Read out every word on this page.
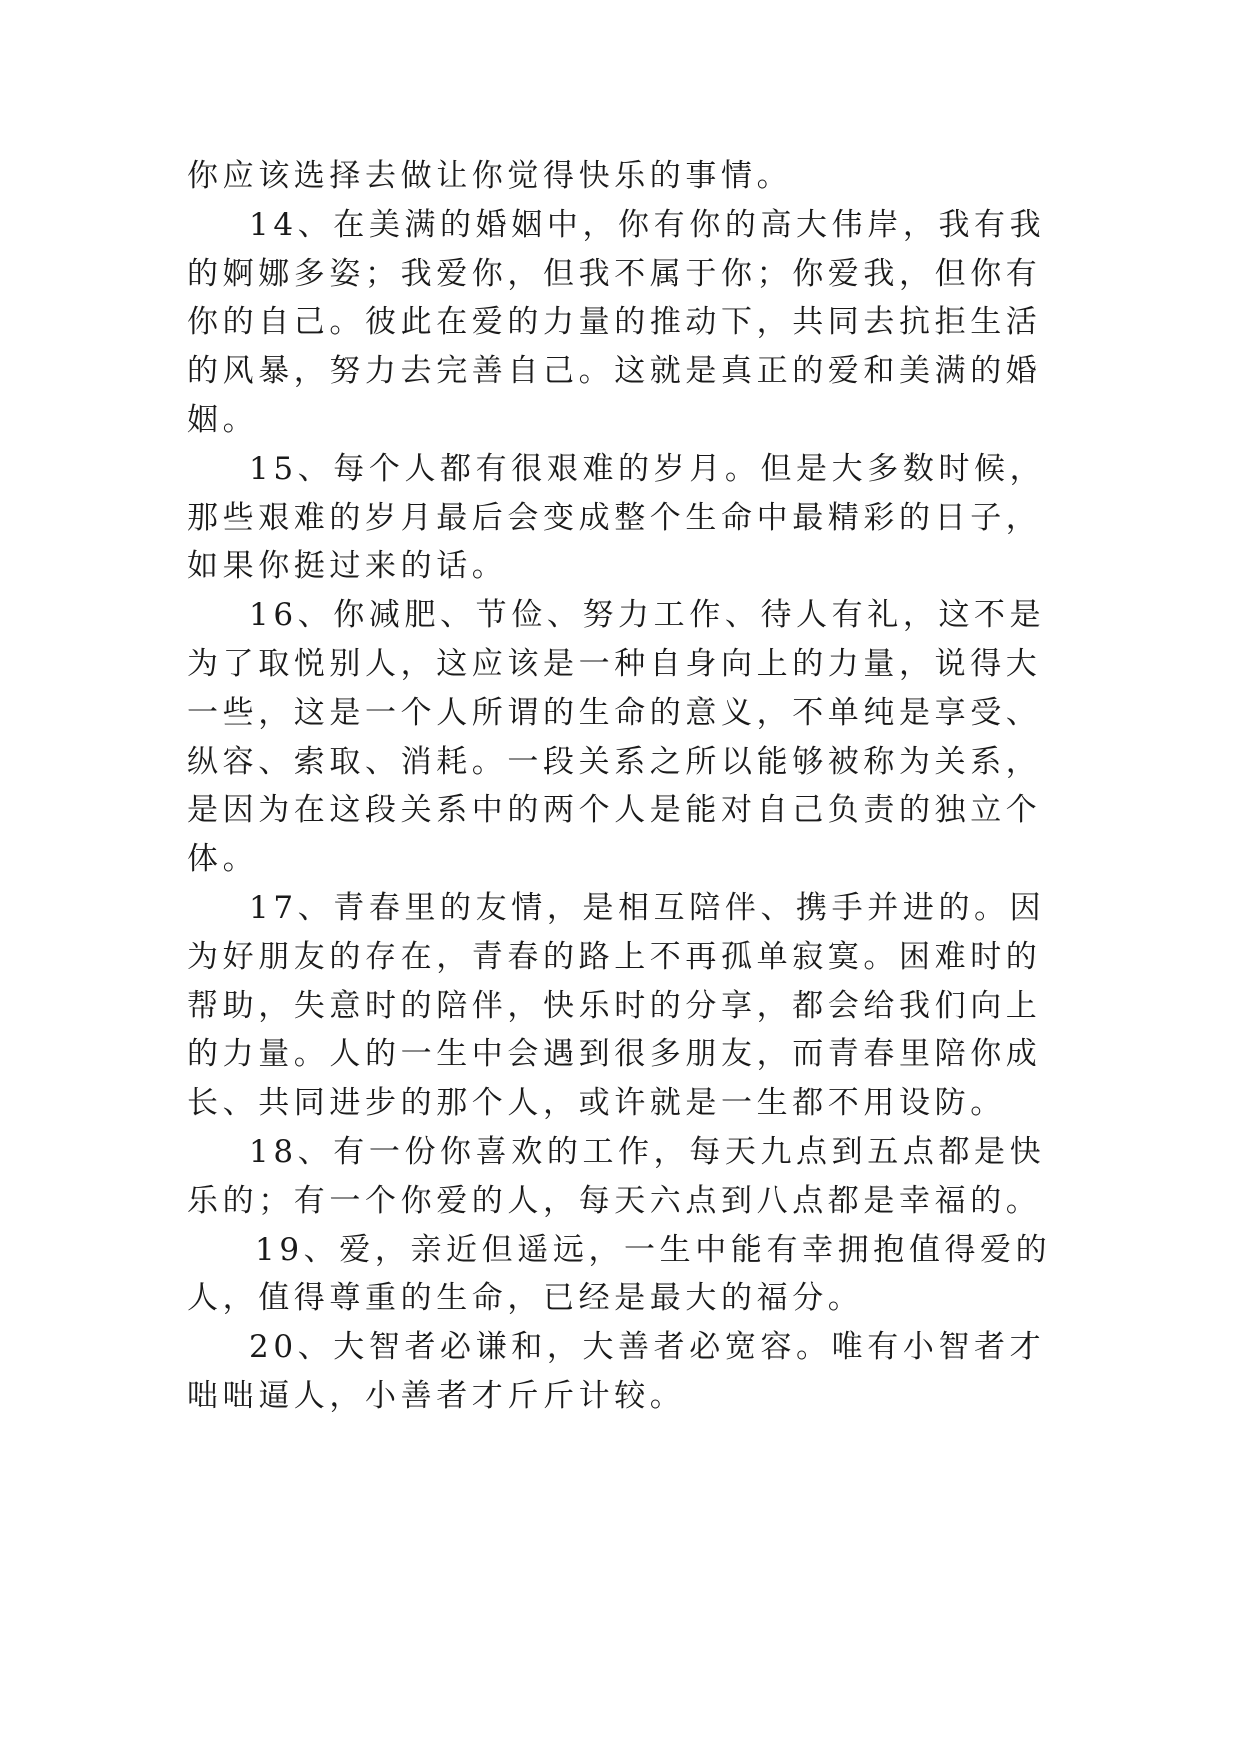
你应该选择去做让你觉得快乐的事情。

14、在美满的婚姻中，你有你的高大伟岸，我有我的婀娜多姿；我爱你，但我不属于你；你爱我，但你有你的自己。彼此在爱的力量的推动下，共同去抗拒生活的风暴，努力去完善自己。这就是真正的爱和美满的婚姻。

15、每个人都有很艰难的岁月。但是大多数时候，那些艰难的岁月最后会变成整个生命中最精彩的日子，如果你挺过来的话。

16、你减肥、节俭、努力工作、待人有礼，这不是为了取悦别人，这应该是一种自身向上的力量，说得大一些，这是一个人所谓的生命的意义，不单纯是享受、纵容、索取、消耗。一段关系之所以能够被称为关系，是因为在这段关系中的两个人是能对自己负责的独立个体。

17、青春里的友情，是相互陪伴、携手并进的。因为好朋友的存在，青春的路上不再孤单寂寞。困难时的帮助，失意时的陪伴，快乐时的分享，都会给我们向上的力量。人的一生中会遇到很多朋友，而青春里陪你成长、共同进步的那个人，或许就是一生都不用设防。

18、有一份你喜欢的工作，每天九点到五点都是快乐的；有一个你爱的人，每天六点到八点都是幸福的。

19、爱，亲近但遥远，一生中能有幸拥抱值得爱的人，值得尊重的生命，已经是最大的福分。

20、大智者必谦和，大善者必宽容。唯有小智者才咄咄逼人，小善者才斤斤计较。
